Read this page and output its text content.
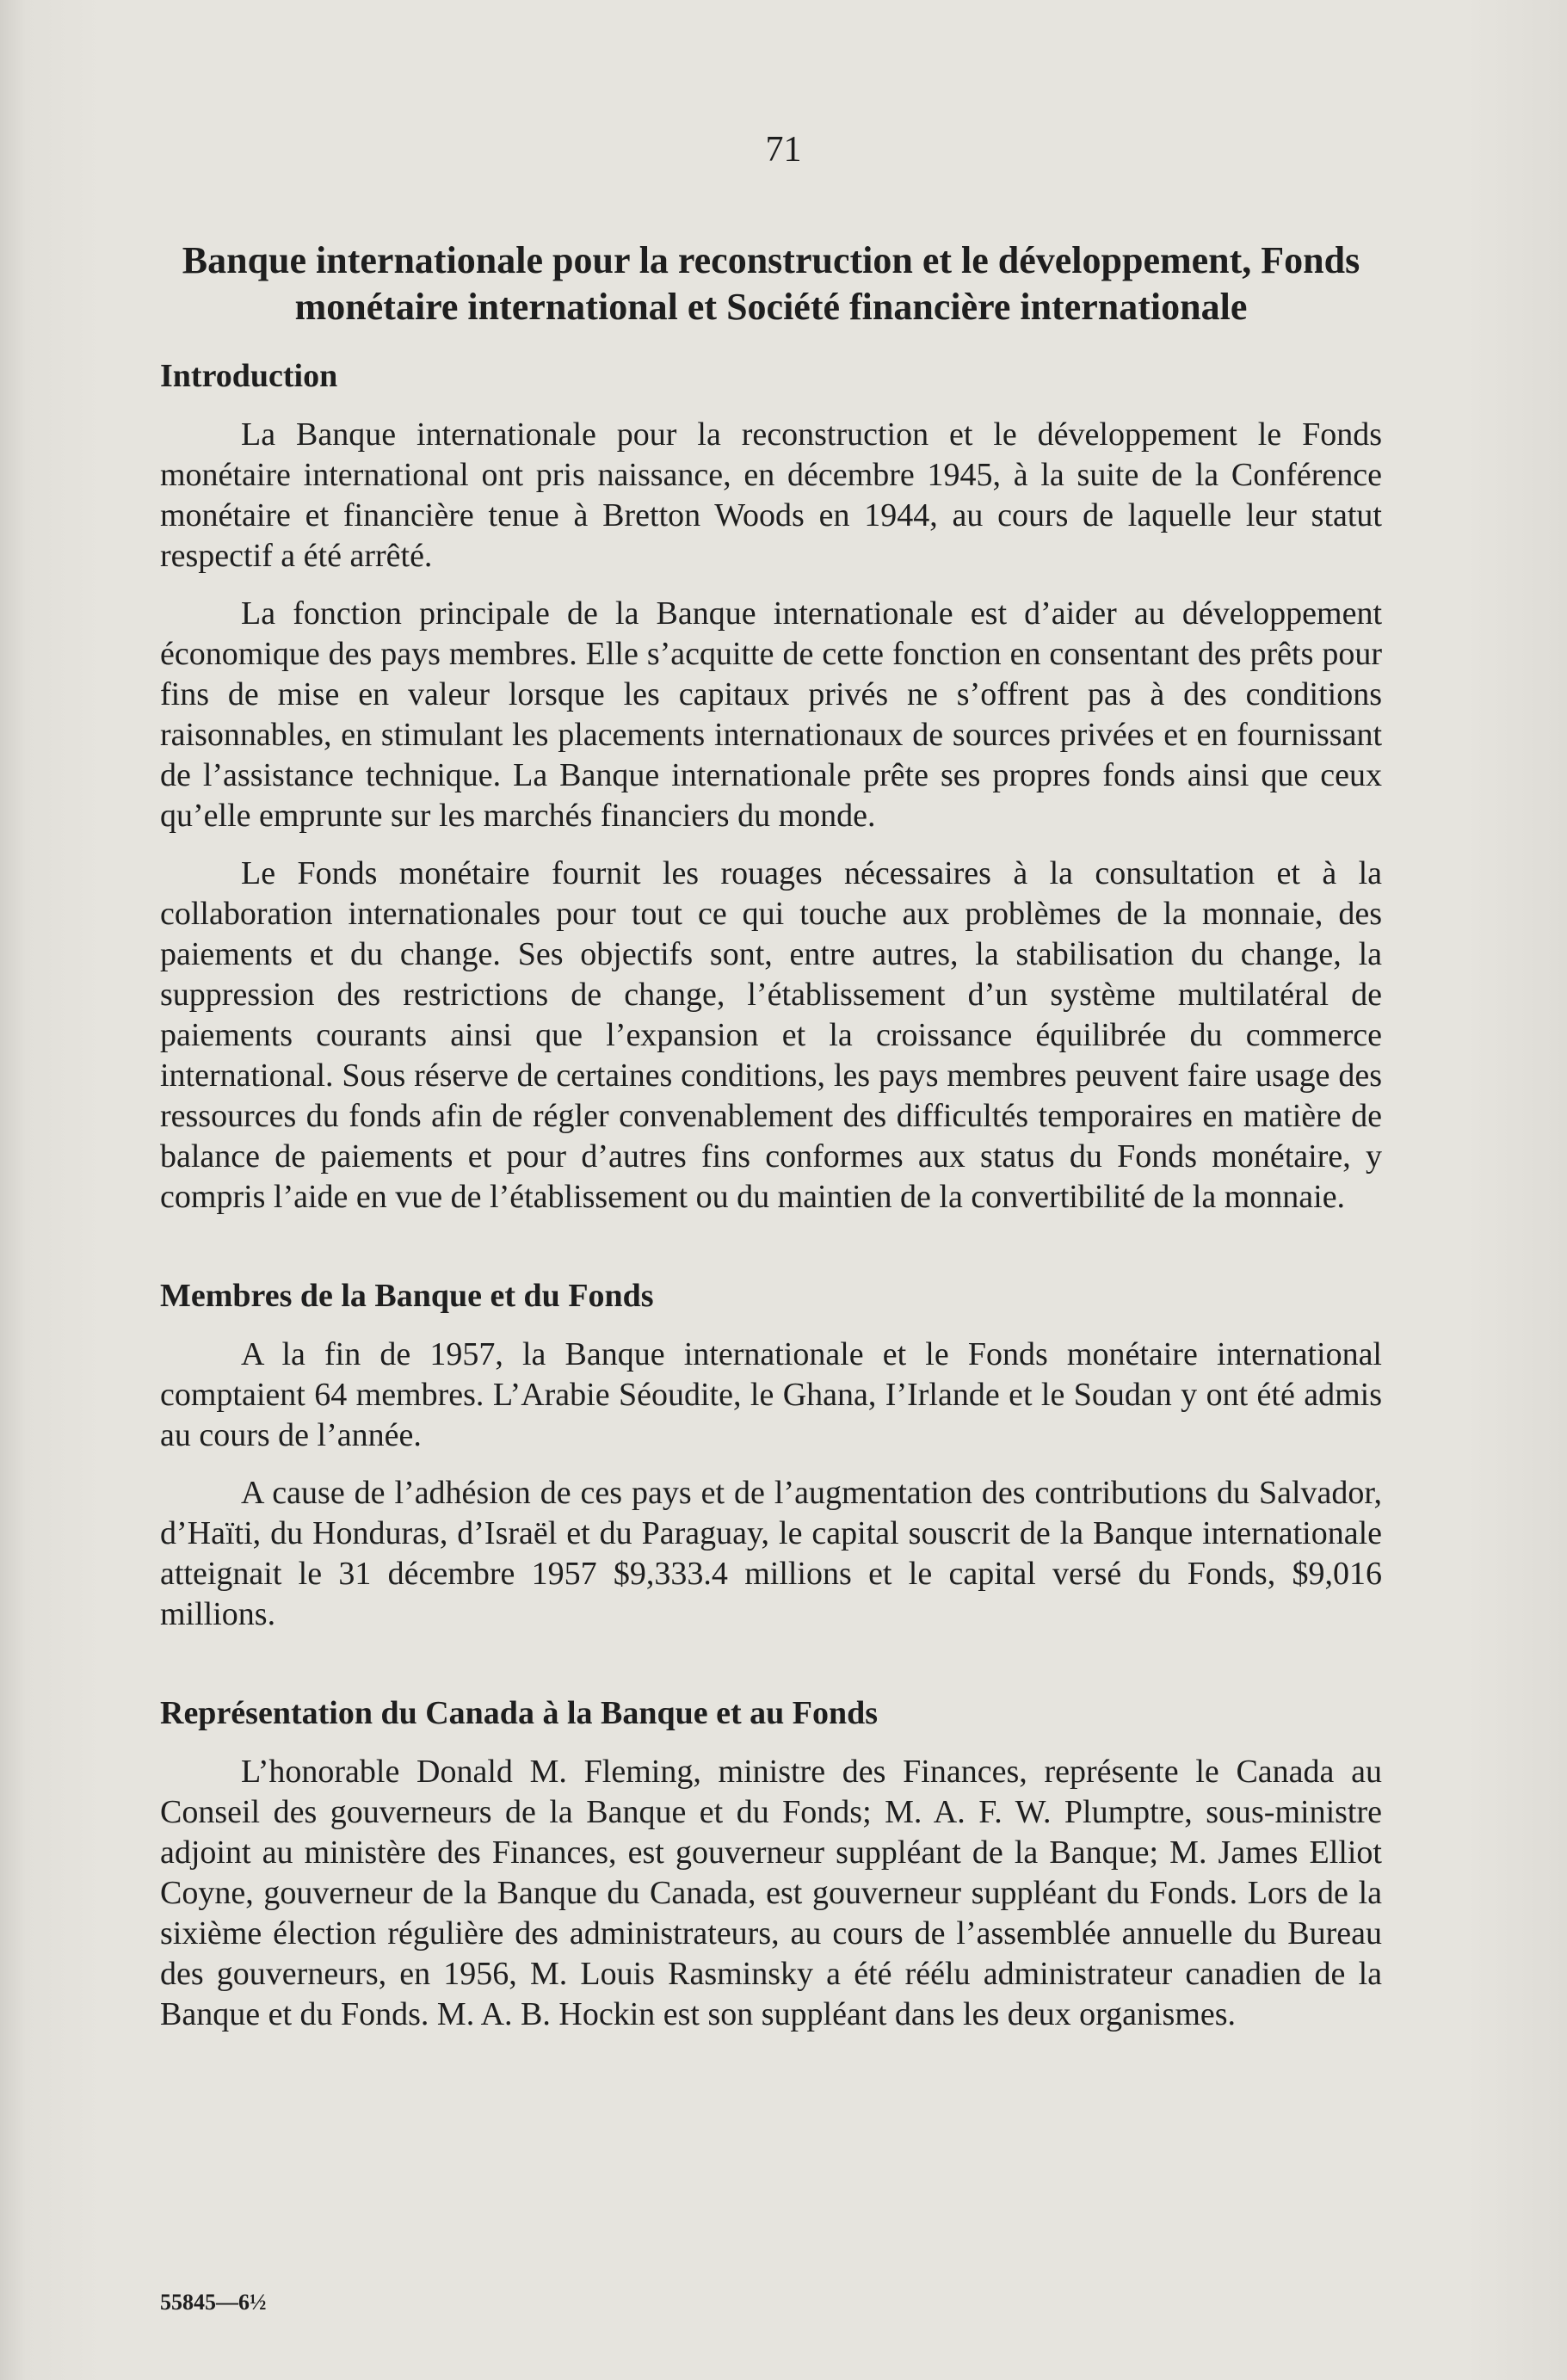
71
Banque internationale pour la reconstruction et le développement, Fonds monétaire international et Société financière internationale
Introduction

La Banque internationale pour la reconstruction et le développement le Fonds monétaire international ont pris naissance, en décembre 1945, à la suite de la Conférence monétaire et financière tenue à Bretton Woods en 1944, au cours de laquelle leur statut respectif a été arrêté.

La fonction principale de la Banque internationale est d’aider au développement économique des pays membres. Elle s’acquitte de cette fonction en consentant des prêts pour fins de mise en valeur lorsque les capitaux privés ne s’offrent pas à des conditions raisonnables, en stimulant les placements internationaux de sources privées et en fournissant de l’assistance technique. La Banque internationale prête ses propres fonds ainsi que ceux qu’elle emprunte sur les marchés financiers du monde.

Le Fonds monétaire fournit les rouages nécessaires à la consultation et à la collaboration internationales pour tout ce qui touche aux problèmes de la monnaie, des paiements et du change. Ses objectifs sont, entre autres, la stabilisation du change, la suppression des restrictions de change, l’établissement d’un système multilatéral de paiements courants ainsi que l’expansion et la croissance équilibrée du commerce international. Sous réserve de certaines conditions, les pays membres peuvent faire usage des ressources du fonds afin de régler convenablement des difficultés temporaires en matière de balance de paiements et pour d’autres fins conformes aux status du Fonds monétaire, y compris l’aide en vue de l’établissement ou du maintien de la convertibilité de la monnaie.

Membres de la Banque et du Fonds

A la fin de 1957, la Banque internationale et le Fonds monétaire international comptaient 64 membres. L’Arabie Séoudite, le Ghana, I’Irlande et le Soudan y ont été admis au cours de l’année.

A cause de l’adhésion de ces pays et de l’augmentation des contributions du Salvador, d’Haïti, du Honduras, d’Israël et du Paraguay, le capital souscrit de la Banque internationale atteignait le 31 décembre 1957 $9,333.4 millions et le capital versé du Fonds, $9,016 millions.

Représentation du Canada à la Banque et au Fonds

L’honorable Donald M. Fleming, ministre des Finances, représente le Canada au Conseil des gouverneurs de la Banque et du Fonds; M. A. F. W. Plumptre, sous-ministre adjoint au ministère des Finances, est gouverneur suppléant de la Banque; M. James Elliot Coyne, gouverneur de la Banque du Canada, est gouverneur suppléant du Fonds. Lors de la sixième élection régulière des administrateurs, au cours de l’assemblée annuelle du Bureau des gouverneurs, en 1956, M. Louis Rasminsky a été réélu administrateur canadien de la Banque et du Fonds. M. A. B. Hockin est son suppléant dans les deux organismes.

55845—6½
